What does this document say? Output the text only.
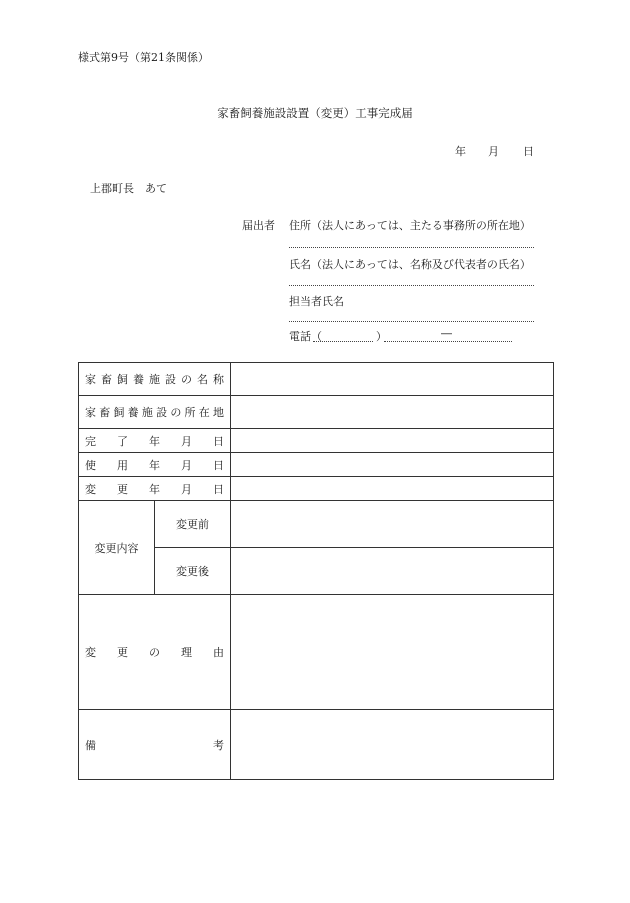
様式第9号（第21条関係）
家畜飼養施設設置（変更）工事完成届
年 月 日
上郡町長　あて
届出者 住所（法人にあっては、主たる事務所の所在地）
氏名（法人にあっては、名称及び代表者の氏名）
担当者氏名
電話（	）	―
家畜飼養施設の名称		
家畜飼養施設の所在地		
完了年月日		
使用年月日		
変更年月日		
変更内容	変更前	
	変更後	

変 更 の 理 由		

備 考		
